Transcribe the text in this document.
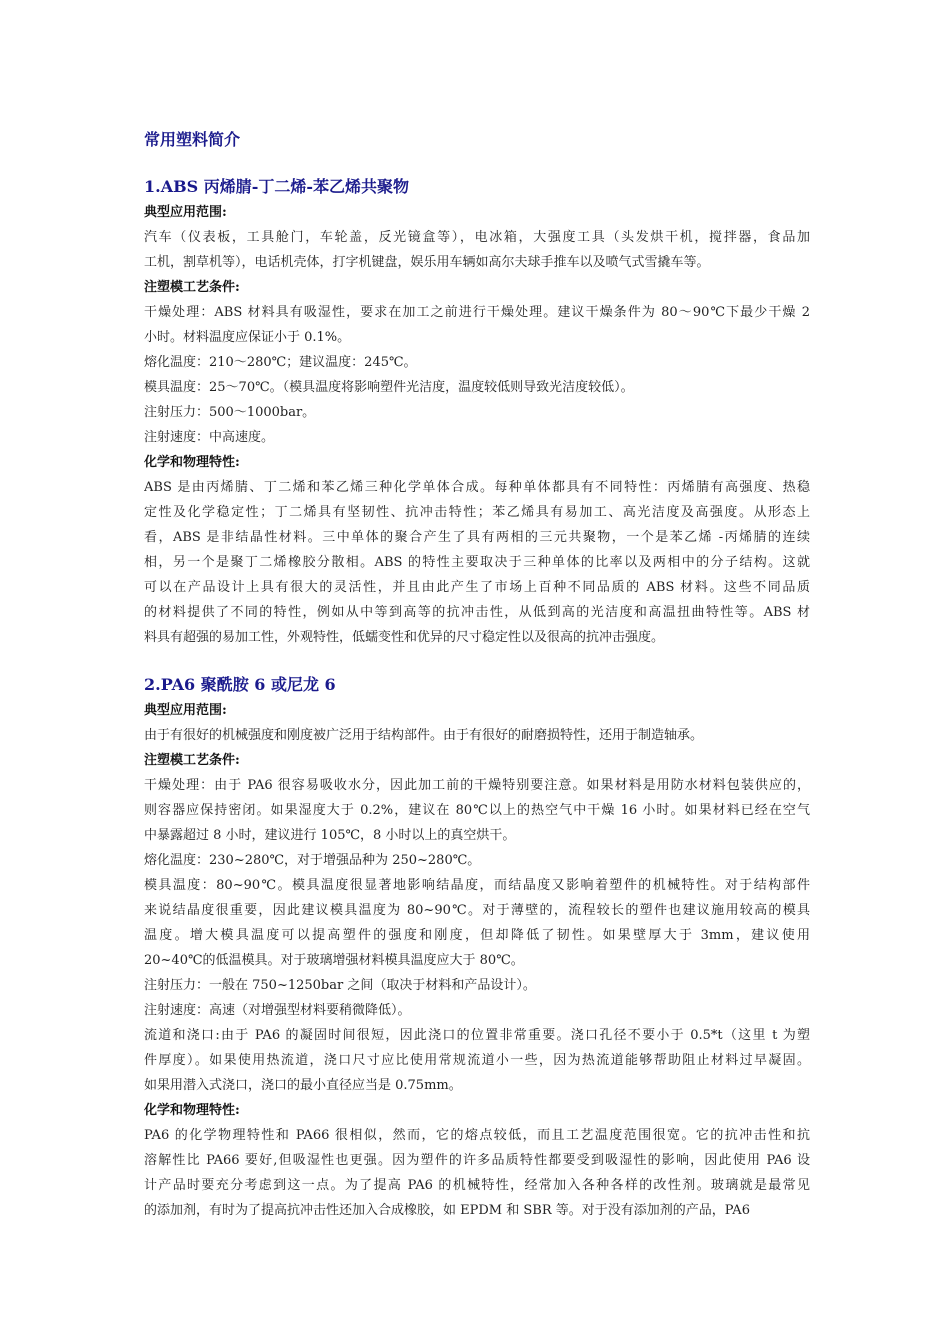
常用塑料简介
1.ABS 丙烯腈-丁二烯-苯乙烯共聚物
典型应用范围:
汽车（仪表板，工具舱门，车轮盖，反光镜盒等），电冰箱，大强度工具（头发烘干机，搅拌器，食品加
工机，割草机等），电话机壳体，打字机键盘，娱乐用车辆如高尔夫球手推车以及喷气式雪撬车等。
注塑模工艺条件:
干燥处理：ABS 材料具有吸湿性，要求在加工之前进行干燥处理。建议干燥条件为 80～90℃下最少干燥 2
小时。材料温度应保证小于 0.1%。
熔化温度：210～280℃；建议温度：245℃。
模具温度：25～70℃。（模具温度将影响塑件光洁度，温度较低则导致光洁度较低）。
注射压力：500～1000bar。
注射速度：中高速度。
化学和物理特性:
ABS 是由丙烯腈、丁二烯和苯乙烯三种化学单体合成。每种单体都具有不同特性：丙烯腈有高强度、热稳
定性及化学稳定性；丁二烯具有坚韧性、抗冲击特性；苯乙烯具有易加工、高光洁度及高强度。从形态上
看，ABS 是非结晶性材料。三中单体的聚合产生了具有两相的三元共聚物，一个是苯乙烯 -丙烯腈的连续
相，另一个是聚丁二烯橡胶分散相。ABS 的特性主要取决于三种单体的比率以及两相中的分子结构。这就
可以在产品设计上具有很大的灵活性，并且由此产生了市场上百种不同品质的 ABS 材料。这些不同品质
的材料提供了不同的特性，例如从中等到高等的抗冲击性，从低到高的光洁度和高温扭曲特性等。ABS 材
料具有超强的易加工性，外观特性，低蠕变性和优异的尺寸稳定性以及很高的抗冲击强度。
2.PA6 聚酰胺 6 或尼龙 6
典型应用范围:
由于有很好的机械强度和刚度被广泛用于结构部件。由于有很好的耐磨损特性，还用于制造轴承。
注塑模工艺条件:
干燥处理：由于 PA6 很容易吸收水分，因此加工前的干燥特别要注意。如果材料是用防水材料包装供应的，
则容器应保持密闭。如果湿度大于 0.2%，建议在 80℃以上的热空气中干燥 16 小时。如果材料已经在空气
中暴露超过 8 小时，建议进行 105℃，8 小时以上的真空烘干。
熔化温度：230~280℃，对于增强品种为 250~280℃。
模具温度：80~90℃。模具温度很显著地影响结晶度，而结晶度又影响着塑件的机械特性。对于结构部件
来说结晶度很重要，因此建议模具温度为 80~90℃。对于薄壁的，流程较长的塑件也建议施用较高的模具
温度。增大模具温度可以提高塑件的强度和刚度，但却降低了韧性。如果壁厚大于 3mm，建议使用
20~40℃的低温模具。对于玻璃增强材料模具温度应大于 80℃。
注射压力：一般在 750~1250bar 之间（取决于材料和产品设计）。
注射速度：高速（对增强型材料要稍微降低）。
流道和浇口:由于 PA6 的凝固时间很短，因此浇口的位置非常重要。浇口孔径不要小于 0.5*t（这里 t 为塑
件厚度）。如果使用热流道，浇口尺寸应比使用常规流道小一些，因为热流道能够帮助阻止材料过早凝固。
如果用潜入式浇口，浇口的最小直径应当是 0.75mm。
化学和物理特性:
PA6 的化学物理特性和 PA66 很相似，然而，它的熔点较低，而且工艺温度范围很宽。它的抗冲击性和抗
溶解性比 PA66 要好,但吸湿性也更强。因为塑件的许多品质特性都要受到吸湿性的影响，因此使用 PA6 设
计产品时要充分考虑到这一点。为了提高 PA6 的机械特性，经常加入各种各样的改性剂。玻璃就是最常见
的添加剂，有时为了提高抗冲击性还加入合成橡胶，如 EPDM 和 SBR 等。对于没有添加剂的产品，PA6
